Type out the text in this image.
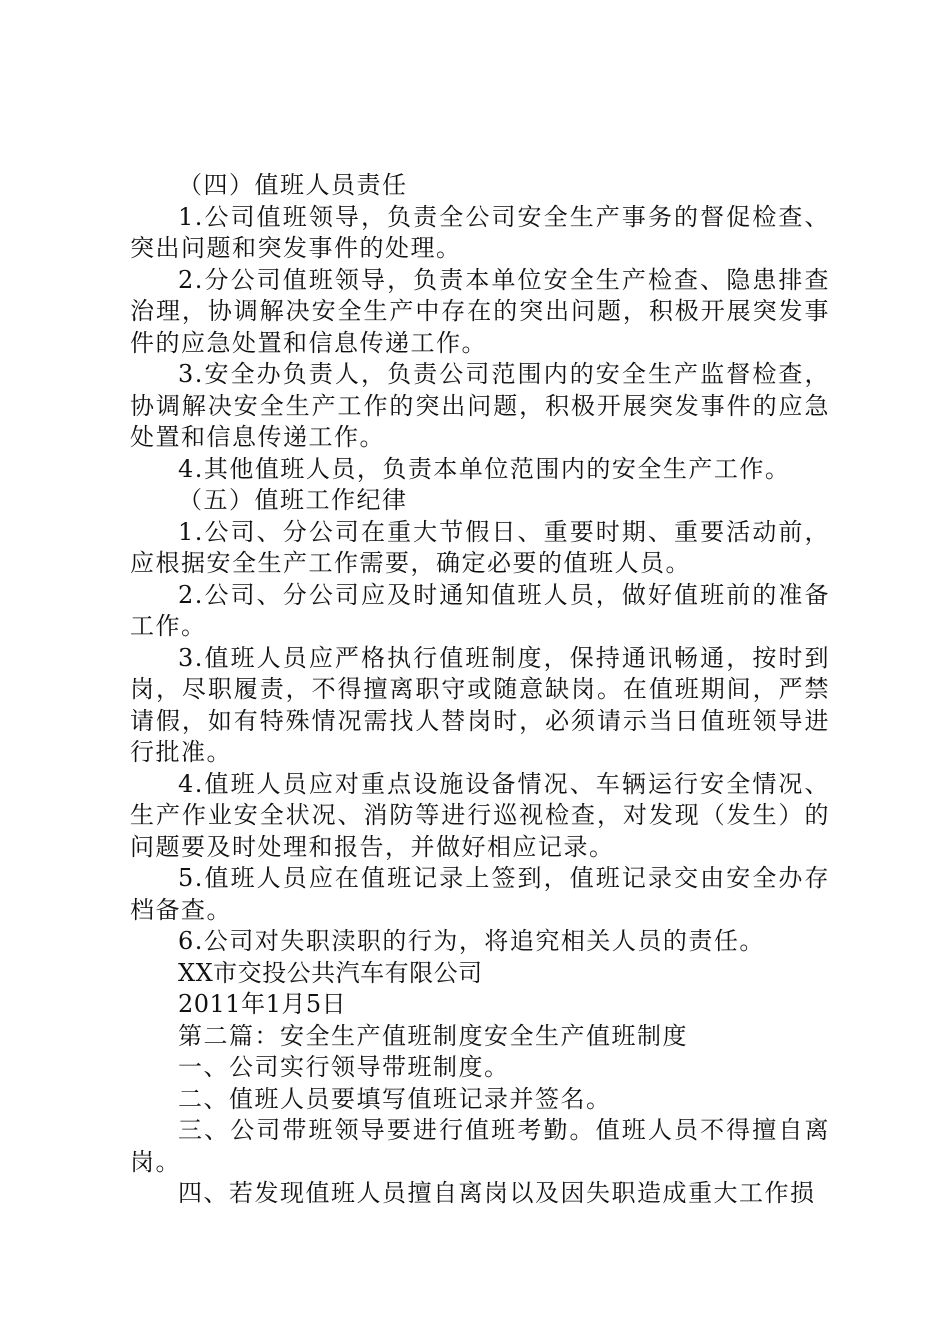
（四）值班人员责任

1.公司值班领导，负责全公司安全生产事务的督促检查、突出问题和突发事件的处理。

2.分公司值班领导，负责本单位安全生产检查、隐患排查治理，协调解决安全生产中存在的突出问题，积极开展突发事件的应急处置和信息传递工作。

3.安全办负责人，负责公司范围内的安全生产监督检查，协调解决安全生产工作的突出问题，积极开展突发事件的应急处置和信息传递工作。

4.其他值班人员，负责本单位范围内的安全生产工作。

（五）值班工作纪律

1.公司、分公司在重大节假日、重要时期、重要活动前，应根据安全生产工作需要，确定必要的值班人员。

2.公司、分公司应及时通知值班人员，做好值班前的准备工作。

3.值班人员应严格执行值班制度，保持通讯畅通，按时到岗，尽职履责，不得擅离职守或随意缺岗。在值班期间，严禁请假，如有特殊情况需找人替岗时，必须请示当日值班领导进行批准。

4.值班人员应对重点设施设备情况、车辆运行安全情况、生产作业安全状况、消防等进行巡视检查，对发现（发生）的问题要及时处理和报告，并做好相应记录。

5.值班人员应在值班记录上签到，值班记录交由安全办存档备查。

6.公司对失职渎职的行为，将追究相关人员的责任。

XX市交投公共汽车有限公司

2011年1月5日

第二篇：安全生产值班制度安全生产值班制度

一、公司实行领导带班制度。

二、值班人员要填写值班记录并签名。

三、公司带班领导要进行值班考勤。值班人员不得擅自离岗。

四、若发现值班人员擅自离岗以及因失职造成重大工作损
